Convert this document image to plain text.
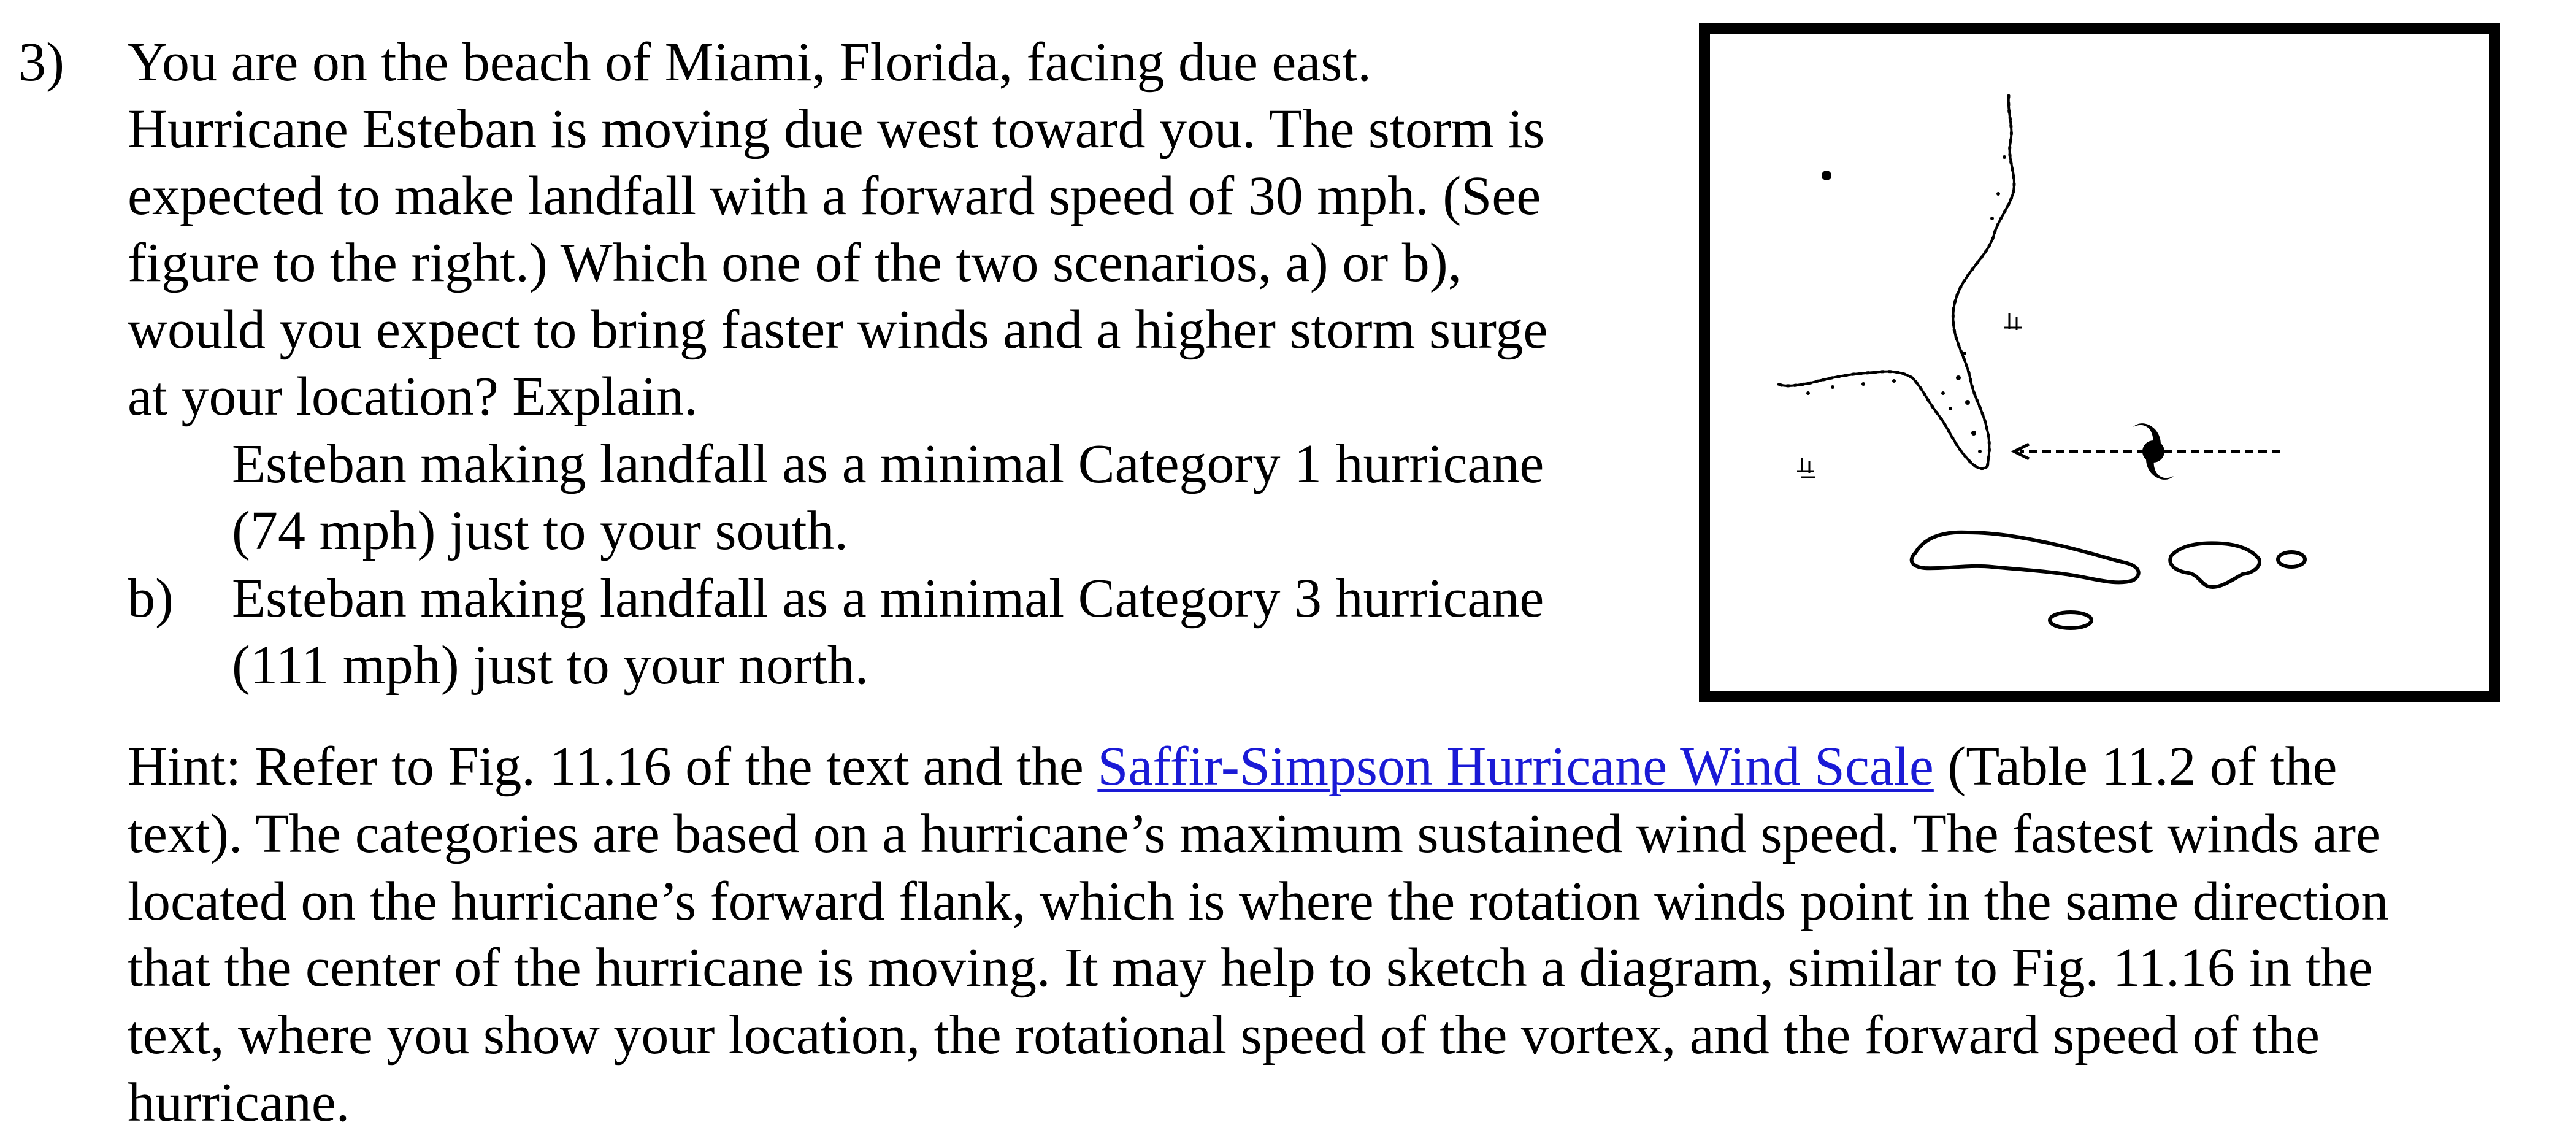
3) You are on the beach of Miami, Florida, facing due east.
Hurricane Esteban is moving due west toward you. The storm is
expected to make landfall with a forward speed of 30 mph. (See
figure to the right.) Which one of the two scenarios, a) or b),
would you expect to bring faster winds and a higher storm surge
at your location? Explain.
Esteban making landfall as a minimal Category 1 hurricane
(74 mph) just to your south.
b) Esteban making landfall as a minimal Category 3 hurricane
(111 mph) just to your north.
Hint: Refer to Fig. 11.16 of the text and the Saffir-Simpson Hurricane Wind Scale (Table 11.2 of the
text). The categories are based on a hurricane’s maximum sustained wind speed. The fastest winds are
located on the hurricane’s forward flank, which is where the rotation winds point in the same direction
that the center of the hurricane is moving. It may help to sketch a diagram, similar to Fig. 11.16 in the
text, where you show your location, the rotational speed of the vortex, and the forward speed of the
hurricane.
